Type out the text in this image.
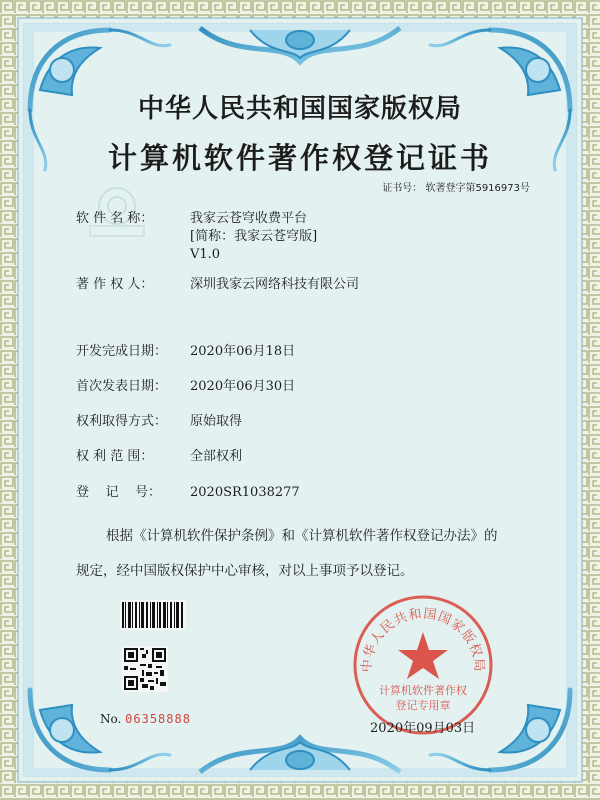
中华人民共和国国家版权局
计算机软件著作权登记证书
证书号： 软著登字第5916973号
软 件 名 称：	我家云苍穹收费平台
[简称：我家云苍穹版]
V1.0
著 作 权 人：	深圳我家云网络科技有限公司
开发完成日期：	2020年06月18日
首次发表日期：	2020年06月30日
权利取得方式：	原始取得
权 利 范 围：	全部权利
登    记    号：	2020SR1038277
根据《计算机软件保护条例》和《计算机软件著作权登记办法》的
规定，经中国版权保护中心审核，对以上事项予以登记。
No. 06358888
中华人民共和国国家版权局
计算机软件著作权
登记专用章
2020年09月03日
